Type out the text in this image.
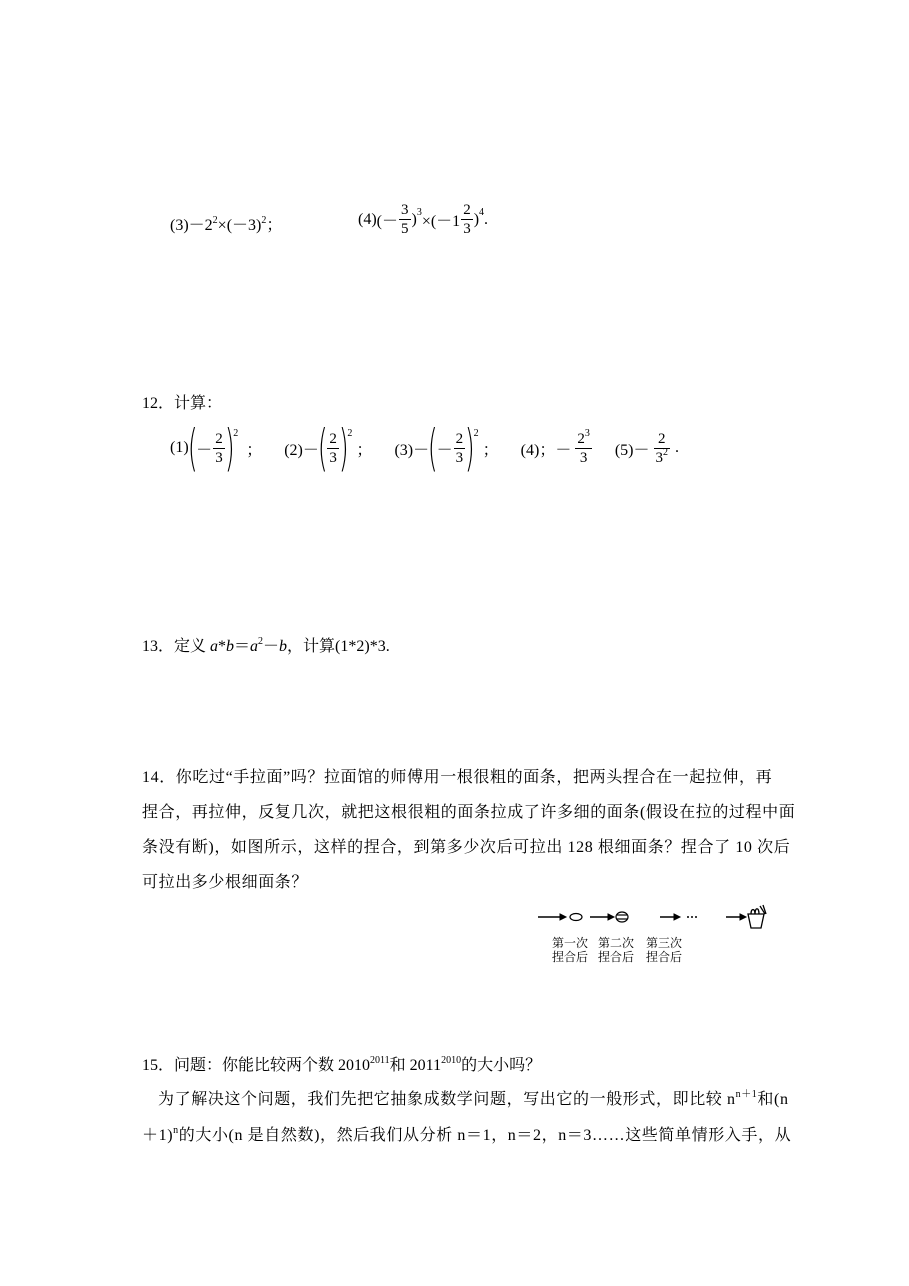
$(3)-2^2\times(-3)^2$；	(4) (－ $\frac{3}{5} )^3$
$\times(-1 \frac{2}{3} )^4$ .
12．计算：
(1)
(
－ $\frac{2}{3}$ )
$^2$
； (2)－
( $\frac{2}{3}$ )
$^2$
； (3)－
(
－ $\frac{2}{3}$ )
$^2$
； (4)；－ $\frac{2^3}{3} (5)- \frac{2}{3^2}$ .
13．定义 $a*b=a^2-b$，计算(1*2)*3.
14．你吃过“手拉面”吗？拉面馆的师傅用一根很粗的面条，把两头捏合在一起拉伸，再
捏合，再拉伸，反复几次，就把这根很粗的面条拉成了许多细的面条(假设在拉的过程中面
条没有断)，如图所示，这样的捏合，到第多少次后可拉出 128 根细面条？捏合了 10 次后
可拉出多少根细面条？
第一次
捏合后
第二次
捏合后
第三次
捏合后
15．问题：你能比较两个数 $2010^{2011}$和 $2011^{2010}$的大小吗？
为了解决这个问题，我们先把它抽象成数学问题，写出它的一般形式，即比较 $n^{n+1}$和(n
＋1)$^n$的大小(n 是自然数)，然后我们从分析 n＝1，n＝2，n＝3……这些简单情形入手，从
